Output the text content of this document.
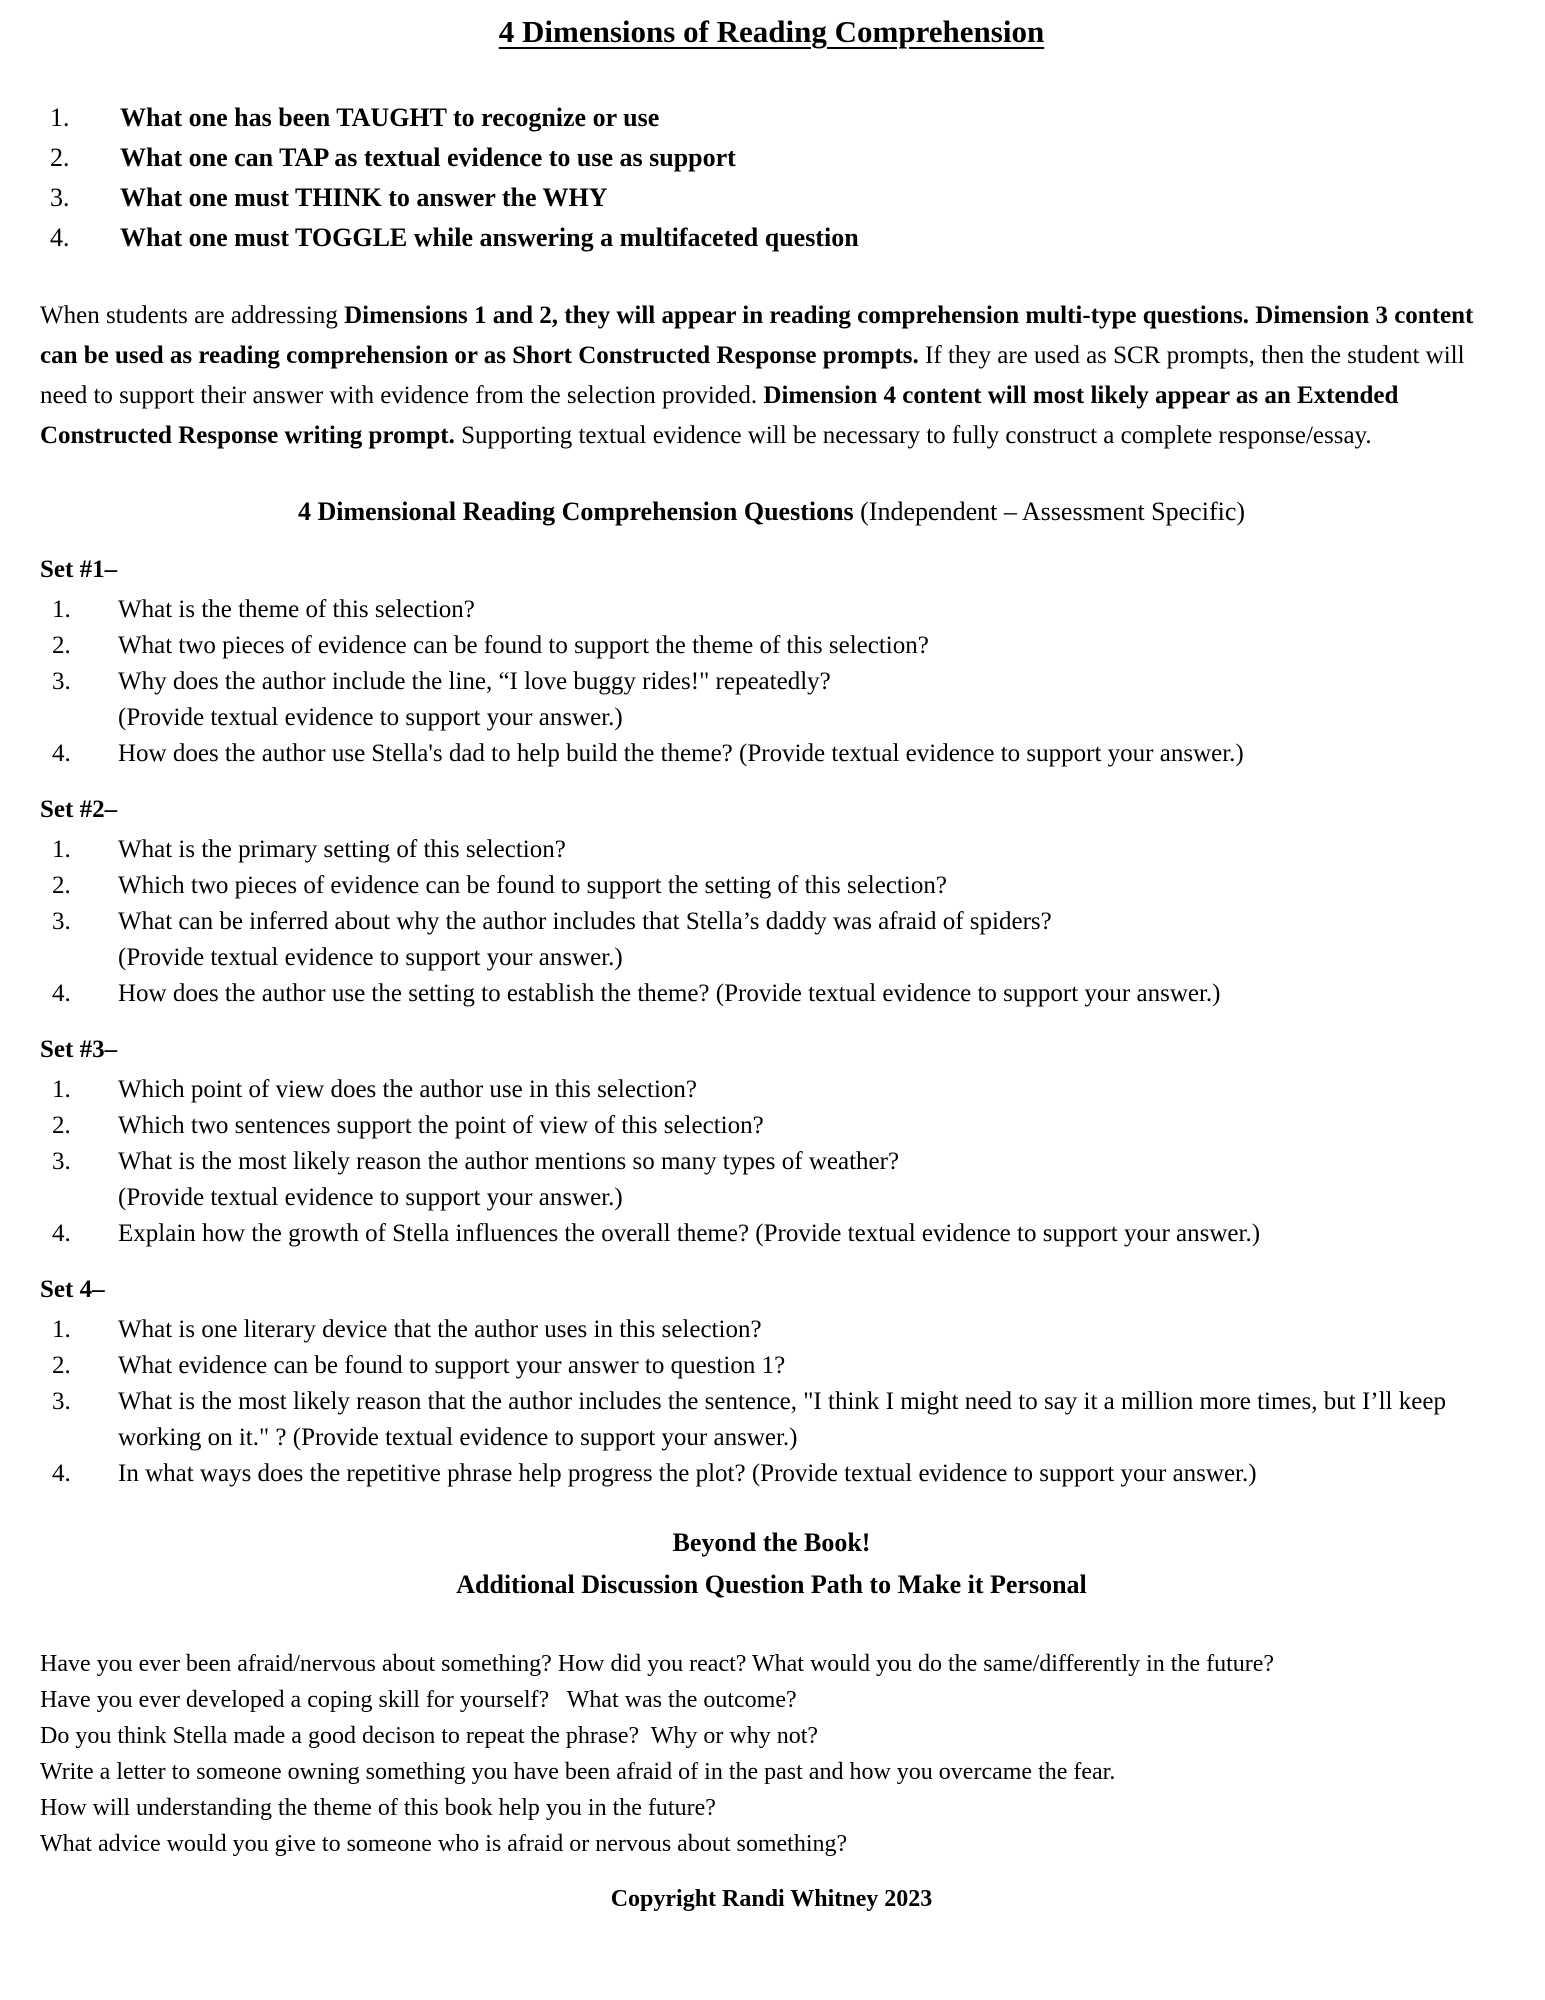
4 Dimensions of Reading Comprehension
1.	What one has been TAUGHT to recognize or use
2.	What one can TAP as textual evidence to use as support
3.	What one must THINK to answer the WHY
4.	What one must TOGGLE while answering a multifaceted question

When students are addressing Dimensions 1 and 2, they will appear in reading comprehension multi-type questions. Dimension 3 content can be used as reading comprehension or as Short Constructed Response prompts. If they are used as SCR prompts, then the student will need to support their answer with evidence from the selection provided. Dimension 4 content will most likely appear as an Extended Constructed Response writing prompt. Supporting textual evidence will be necessary to fully construct a complete response/essay.

4 Dimensional Reading Comprehension Questions (Independent – Assessment Specific)
Set #1–
1.	What is the theme of this selection?
2.	What two pieces of evidence can be found to support the theme of this selection?
3.	Why does the author include the line, “I love buggy rides!" repeatedly?
(Provide textual evidence to support your answer.)
4.	How does the author use Stella's dad to help build the theme? (Provide textual evidence to support your answer.)
Set #2–
1.	What is the primary setting of this selection?
2.	Which two pieces of evidence can be found to support the setting of this selection?
3.	What can be inferred about why the author includes that Stella’s daddy was afraid of spiders?
(Provide textual evidence to support your answer.)
4.	How does the author use the setting to establish the theme? (Provide textual evidence to support your answer.)
Set #3–
1.	Which point of view does the author use in this selection?
2.	Which two sentences support the point of view of this selection?
3.	What is the most likely reason the author mentions so many types of weather?
(Provide textual evidence to support your answer.)
4.	Explain how the growth of Stella influences the overall theme? (Provide textual evidence to support your answer.)
Set 4–
1.	What is one literary device that the author uses in this selection?
2.	What evidence can be found to support your answer to question 1?
3.	What is the most likely reason that the author includes the sentence, "I think I might need to say it a million more times, but I’ll keep working on it." ? (Provide textual evidence to support your answer.)
4.	In what ways does the repetitive phrase help progress the plot? (Provide textual evidence to support your answer.)
Beyond the Book!
Additional Discussion Question Path to Make it Personal
Have you ever been afraid/nervous about something? How did you react? What would you do the same/differently in the future?
Have you ever developed a coping skill for yourself?   What was the outcome?
Do you think Stella made a good decison to repeat the phrase?  Why or why not?
Write a letter to someone owning something you have been afraid of in the past and how you overcame the fear.
How will understanding the theme of this book help you in the future?
What advice would you give to someone who is afraid or nervous about something?
Copyright Randi Whitney 2023
